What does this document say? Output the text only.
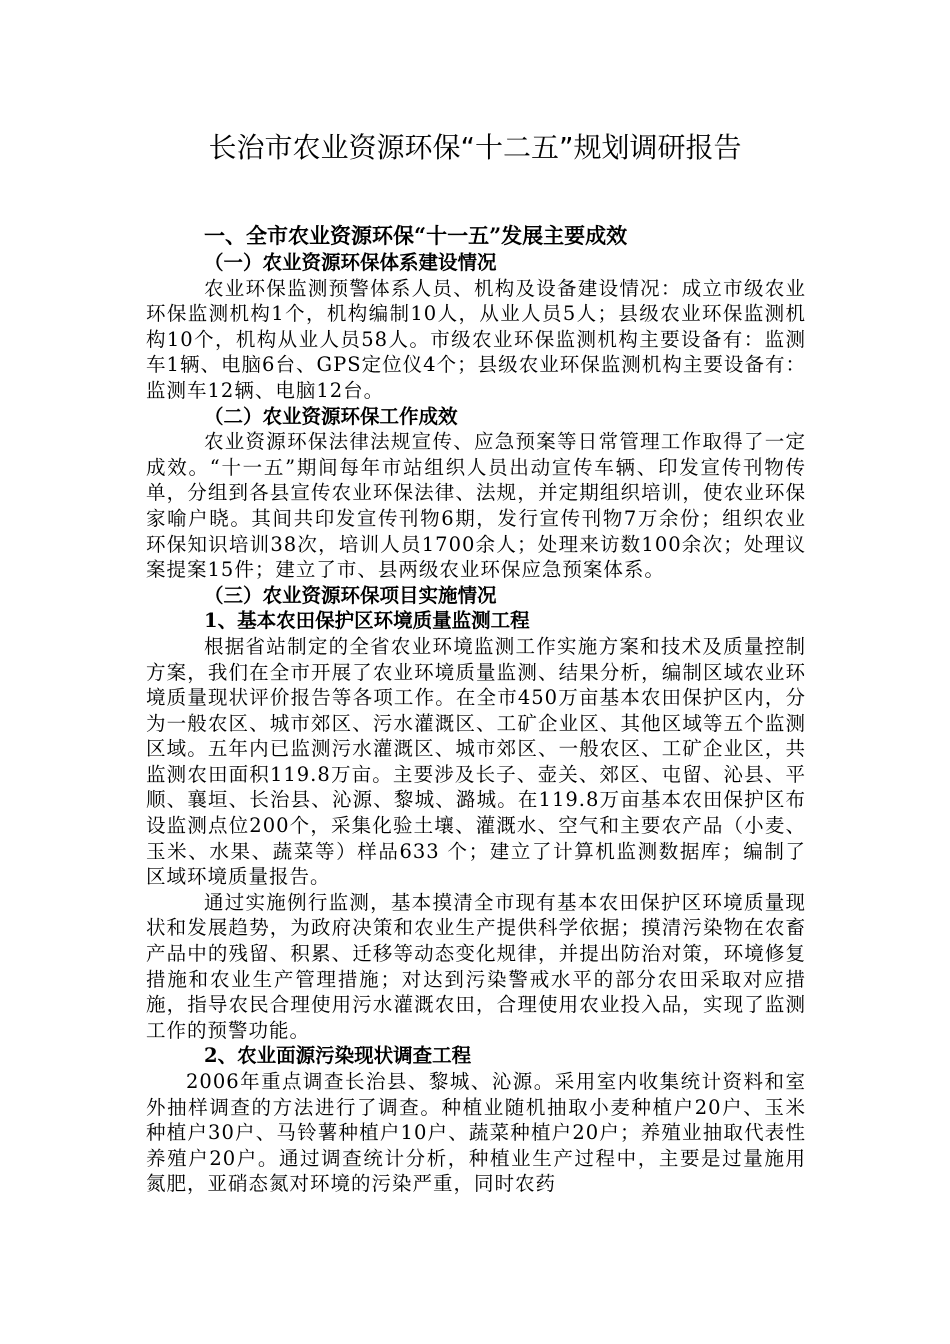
长治市农业资源环保“十二五”规划调研报告
一、全市农业资源环保“十一五”发展主要成效
（一）农业资源环保体系建设情况
农业环保监测预警体系人员、机构及设备建设情况：成立市级农业环保监测机构1个，机构编制10人，从业人员5人；县级农业环保监测机构10个，机构从业人员58人。市级农业环保监测机构主要设备有：监测车1辆、电脑6台、GPS定位仪4个；县级农业环保监测机构主要设备有：监测车12辆、电脑12台。
（二）农业资源环保工作成效
农业资源环保法律法规宣传、应急预案等日常管理工作取得了一定成效。“十一五”期间每年市站组织人员出动宣传车辆、印发宣传刊物传单，分组到各县宣传农业环保法律、法规，并定期组织培训，使农业环保家喻户晓。其间共印发宣传刊物6期，发行宣传刊物7万余份；组织农业环保知识培训38次，培训人员1700余人；处理来访数100余次；处理议案提案15件；建立了市、县两级农业环保应急预案体系。
（三）农业资源环保项目实施情况
1、基本农田保护区环境质量监测工程
根据省站制定的全省农业环境监测工作实施方案和技术及质量控制方案，我们在全市开展了农业环境质量监测、结果分析，编制区域农业环境质量现状评价报告等各项工作。在全市450万亩基本农田保护区内，分为一般农区、城市郊区、污水灌溉区、工矿企业区、其他区域等五个监测区域。五年内已监测污水灌溉区、城市郊区、一般农区、工矿企业区，共监测农田面积119.8万亩。主要涉及长子、壶关、郊区、屯留、沁县、平顺、襄垣、长治县、沁源、黎城、潞城。在119.8万亩基本农田保护区布设监测点位200个，采集化验土壤、灌溉水、空气和主要农产品（小麦、玉米、水果、蔬菜等）样品633 个；建立了计算机监测数据库；编制了区域环境质量报告。
通过实施例行监测，基本摸清全市现有基本农田保护区环境质量现状和发展趋势，为政府决策和农业生产提供科学依据；摸清污染物在农畜产品中的残留、积累、迁移等动态变化规律，并提出防治对策，环境修复措施和农业生产管理措施；对达到污染警戒水平的部分农田采取对应措施，指导农民合理使用污水灌溉农田，合理使用农业投入品，实现了监测工作的预警功能。
2、农业面源污染现状调查工程
2006年重点调查长治县、黎城、沁源。采用室内收集统计资料和室外抽样调查的方法进行了调查。种植业随机抽取小麦种植户20户、玉米种植户30户、马铃薯种植户10户、蔬菜种植户20户；养殖业抽取代表性养殖户20户。通过调查统计分析，种植业生产过程中，主要是过量施用氮肥，亚硝态氮对环境的污染严重，同时农药
